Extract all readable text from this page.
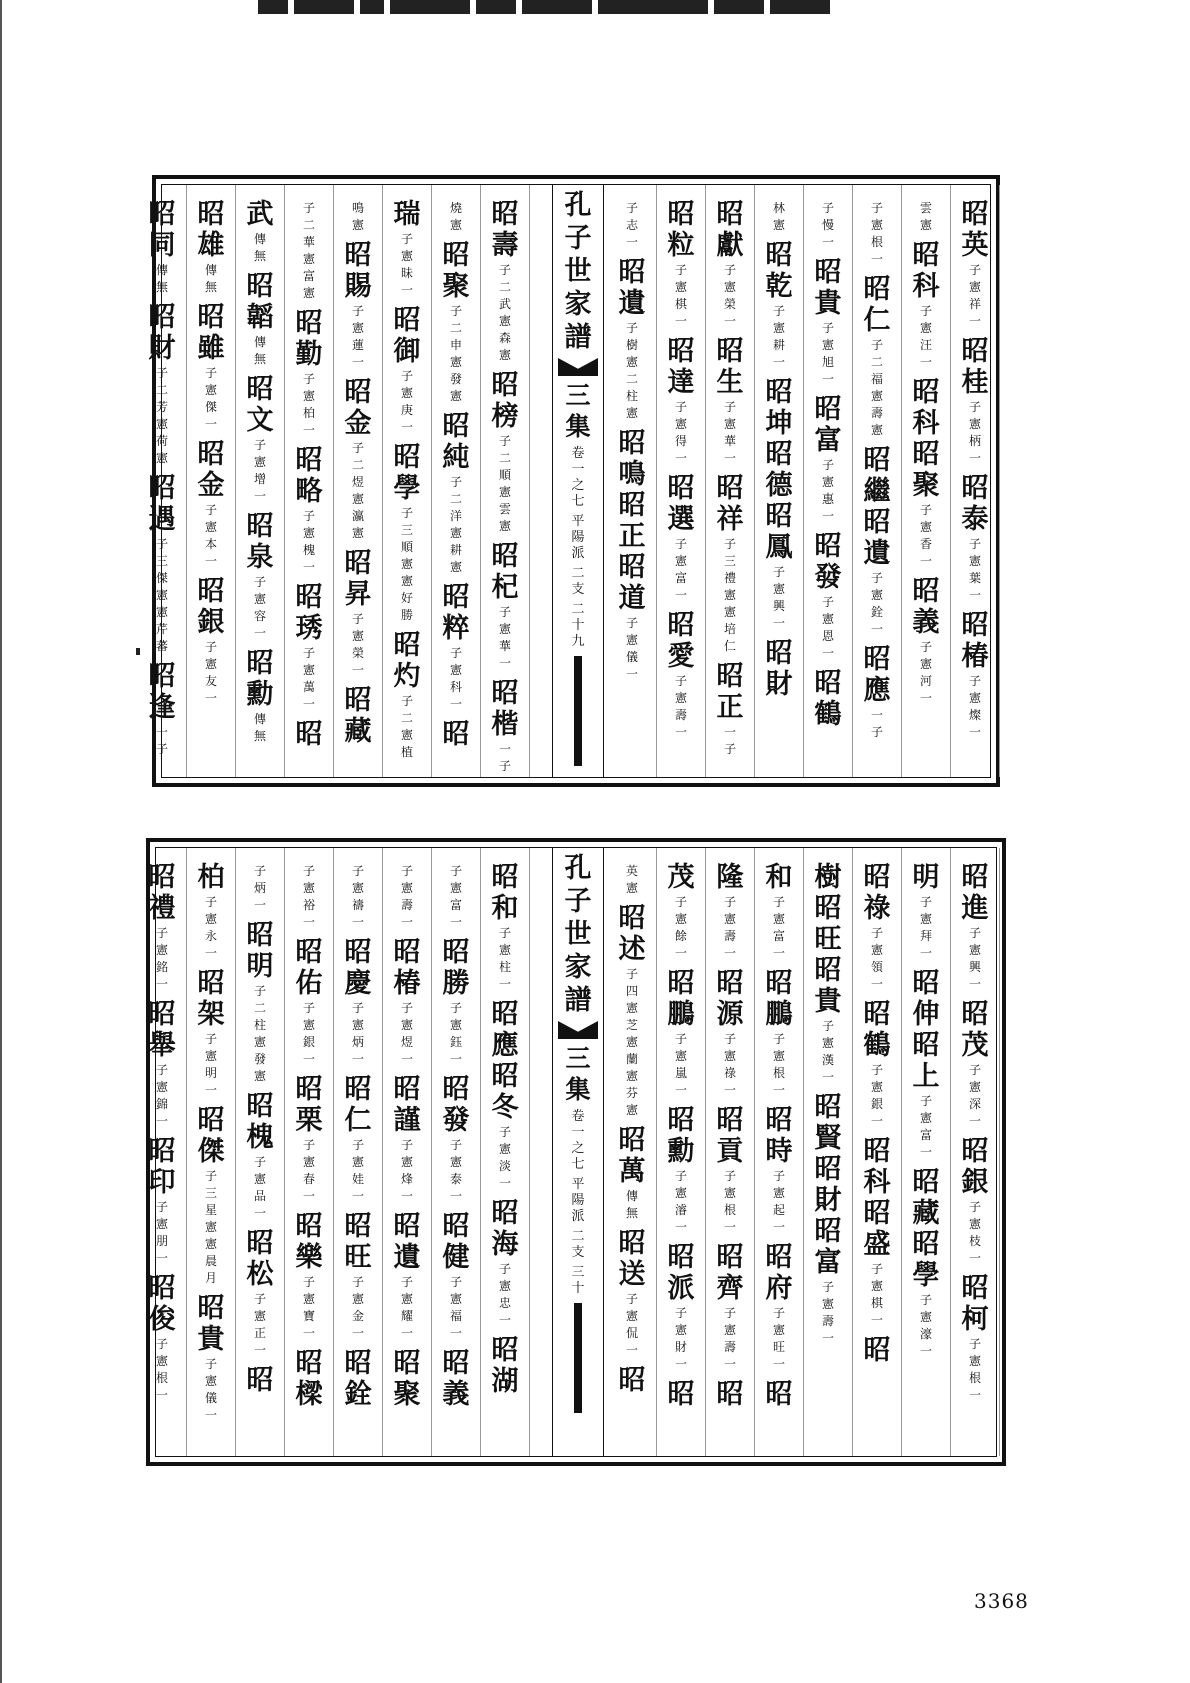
孔
子
世
家
譜
三
集
卷
一
之
七
平
陽
派
二
支
二
十
九
子
志
一
昭
遺
子
樹
憲
二
柱
憲
昭
鳴
昭
正
昭
道
子
憲
儀
一
昭
粒
子
憲
棋
一
昭
達
子
憲
得
一
昭
選
子
憲
富
一
昭
愛
子
憲
壽
一
昭
獻
子
憲
榮
一
昭
生
子
憲
華
一
昭
祥
子
三
禮
憲
憲
培
仁
昭
正
一
子
林
憲
昭
乾
子
憲
耕
一
昭
坤
昭
德
昭
鳳
子
憲
興
一
昭
財
子
慢
一
昭
貴
子
憲
旭
一
昭
富
子
憲
惠
一
昭
發
子
憲
恩
一
昭
鶴
子
憲
根
一
昭
仁
子
二
福
憲
壽
憲
昭
繼
昭
遺
子
憲
銓
一
昭
應
一
子
雲
憲
昭
科
子
憲
汪
一
昭
科
昭
聚
子
憲
香
一
昭
義
子
憲
河
一
昭
英
子
憲
祥
一
昭
桂
子
憲
柄
一
昭
泰
子
憲
葉
一
昭
椿
子
憲
燦
一
昭
壽
子
二
武
憲
森
憲
昭
榜
子
二
順
憲
雲
憲
昭
杞
子
憲
華
一
昭
楷
一
子
燒
憲
昭
聚
子
二
申
憲
發
憲
昭
純
子
二
洋
憲
耕
憲
昭
粹
子
憲
科
一
昭
瑞
子
憲
昧
一
昭
御
子
憲
庚
一
昭
學
子
三
順
憲
憲
好
勝
昭
灼
子
二
憲
植
鳴
憲
昭
賜
子
憲
蓮
一
昭
金
子
二
煜
憲
瀛
憲
昭
昇
子
憲
榮
一
昭
藏
子
二
華
憲
富
憲
昭
勤
子
憲
柏
一
昭
略
子
憲
槐
一
昭
琇
子
憲
萬
一
昭
武
傳
無
昭
韜
傳
無
昭
文
子
憲
增
一
昭
泉
子
憲
容
一
昭
勳
傳
無
昭
雄
傳
無
昭
雖
子
憲
傑
一
昭
金
子
憲
本
一
昭
銀
子
憲
友
一
昭
同
傳
無
昭
財
子
二
芳
憲
荷
憲
昭
遇
子
三
傑
憲
憲
芹
蕃
昭
逢
一
子
孔
子
世
家
譜
三
集
卷
一
之
七
平
陽
派
二
支
三
十
英
憲
昭
述
子
四
憲
芝
憲
蘭
憲
芬
憲
昭
萬
傳
無
昭
送
子
憲
侃
一
昭
茂
子
憲
餘
一
昭
鵬
子
憲
嵐
一
昭
勳
子
憲
濬
一
昭
派
子
憲
財
一
昭
隆
子
憲
壽
一
昭
源
子
憲
祿
一
昭
貢
子
憲
根
一
昭
齊
子
憲
壽
一
昭
和
子
憲
富
一
昭
鵬
子
憲
根
一
昭
時
子
憲
起
一
昭
府
子
憲
旺
一
昭
樹
昭
旺
昭
貴
子
憲
漢
一
昭
賢
昭
財
昭
富
子
憲
壽
一
昭
祿
子
憲
領
一
昭
鶴
子
憲
銀
一
昭
科
昭
盛
子
憲
棋
一
昭
明
子
憲
拜
一
昭
伸
昭
上
子
憲
富
一
昭
藏
昭
學
子
憲
濠
一
昭
進
子
憲
興
一
昭
茂
子
憲
深
一
昭
銀
子
憲
枝
一
昭
柯
子
憲
根
一
昭
和
子
憲
柱
一
昭
應
昭
冬
子
憲
淡
一
昭
海
子
憲
忠
一
昭
湖
子
憲
富
一
昭
勝
子
憲
鈺
一
昭
發
子
憲
泰
一
昭
健
子
憲
福
一
昭
義
子
憲
壽
一
昭
椿
子
憲
煜
一
昭
謹
子
憲
烽
一
昭
遺
子
憲
耀
一
昭
聚
子
憲
禱
一
昭
慶
子
憲
炳
一
昭
仁
子
憲
娃
一
昭
旺
子
憲
金
一
昭
銓
子
憲
裕
一
昭
佑
子
憲
銀
一
昭
栗
子
憲
春
一
昭
樂
子
憲
寶
一
昭
樑
子
炳
一
昭
明
子
二
柱
憲
發
憲
昭
槐
子
憲
品
一
昭
松
子
憲
正
一
昭
柏
子
憲
永
一
昭
架
子
憲
明
一
昭
傑
子
三
星
憲
憲
晨
月
昭
貴
子
憲
儀
一
昭
禮
子
憲
銘
一
昭
舉
子
憲
錦
一
昭
印
子
憲
朋
一
昭
俊
子
憲
根
一
3368
